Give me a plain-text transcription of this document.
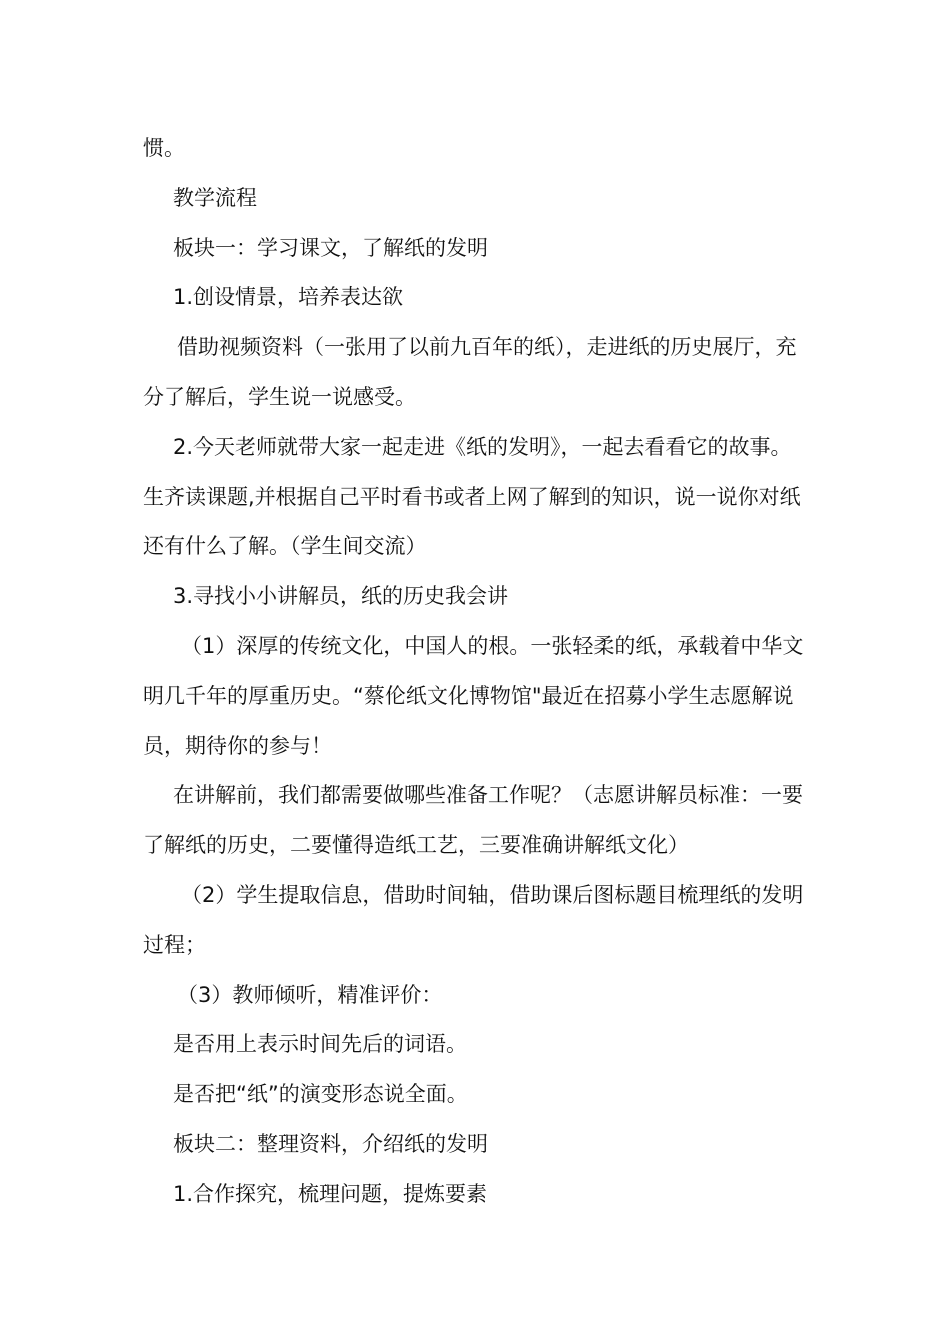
惯。

教学流程

板块一：学习课文，了解纸的发明

1.创设情景，培养表达欲

借助视频资料（一张用了以前九百年的纸），走进纸的历史展厅，充分了解后，学生说一说感受。

2.今天老师就带大家一起走进《纸的发明》，一起去看看它的故事。生齐读课题,并根据自己平时看书或者上网了解到的知识，说一说你对纸还有什么了解。（学生间交流）

3.寻找小小讲解员，纸的历史我会讲

（1）深厚的传统文化，中国人的根。一张轻柔的纸，承载着中华文明几千年的厚重历史。“蔡伦纸文化博物馆"最近在招募小学生志愿解说员，期待你的参与！

在讲解前，我们都需要做哪些准备工作呢？（志愿讲解员标准：一要了解纸的历史，二要懂得造纸工艺，三要准确讲解纸文化）

（2）学生提取信息，借助时间轴，借助课后图标题目梳理纸的发明过程；

（3）教师倾听，精准评价：

是否用上表示时间先后的词语。

是否把“纸”的演变形态说全面。

板块二：整理资料，介绍纸的发明

1.合作探究，梳理问题，提炼要素
